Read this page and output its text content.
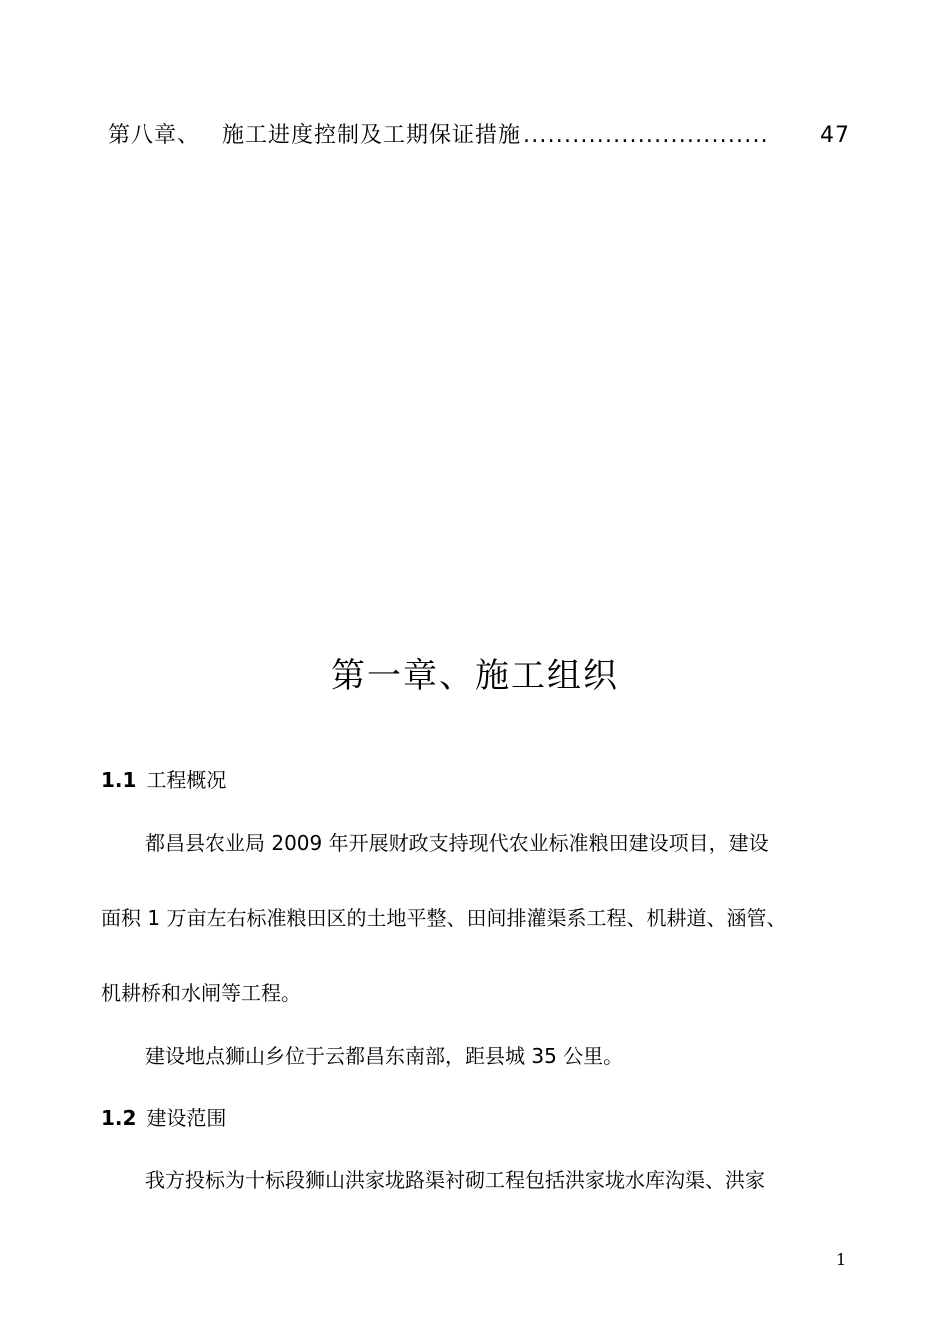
第八章、 施工进度控制及工期保证措施 ..............................	47
第一章、施工组织
1.1 工程概况
都昌县农业局 2009 年开展财政支持现代农业标准粮田建设项目，建设
面积 1 万亩左右标准粮田区的土地平整、田间排灌渠系工程、机耕道、涵管、
机耕桥和水闸等工程。
建设地点狮山乡位于云都昌东南部，距县城 35 公里。
1.2 建设范围
我方投标为十标段狮山洪家垅路渠衬砌工程包括洪家垅水库沟渠、洪家
1
